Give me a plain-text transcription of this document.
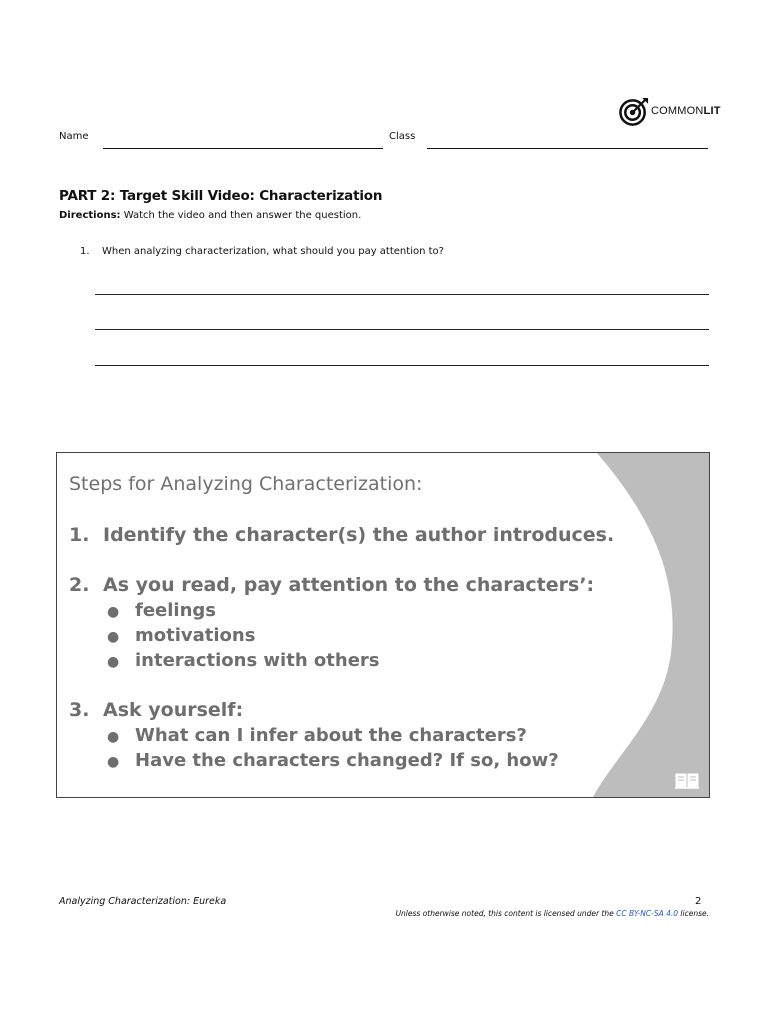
COMMONLIT
Name	Class
PART 2: Target Skill Video: Characterization
Directions: Watch the video and then answer the question.
1. When analyzing characterization, what should you pay attention to?
Steps for Analyzing Characterization:
1. Identify the character(s) the author introduces.
2. As you read, pay attention to the characters’:
● feelings
● motivations
● interactions with others
3. Ask yourself:
● What can I infer about the characters?
● Have the characters changed? If so, how?
Analyzing Characterization: Eureka	2
Unless otherwise noted, this content is licensed under the CC BY-NC-SA 4.0 license.
